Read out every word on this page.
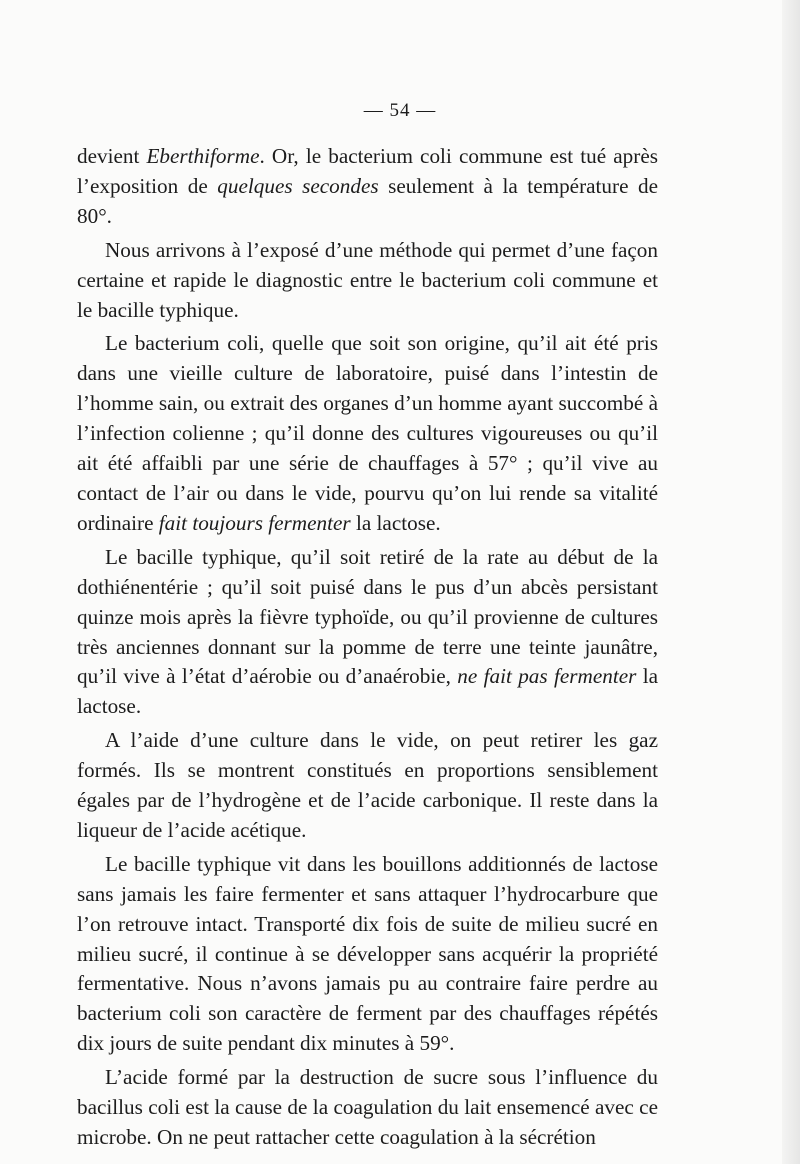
— 54 —

devient Eberthiforme. Or, le bacterium coli commune est tué après l’exposition de quelques secondes seulement à la température de 80°.

Nous arrivons à l’exposé d’une méthode qui permet d’une façon certaine et rapide le diagnostic entre le bacterium coli commune et le bacille typhique.

Le bacterium coli, quelle que soit son origine, qu’il ait été pris dans une vieille culture de laboratoire, puisé dans l’intestin de l’homme sain, ou extrait des organes d’un homme ayant succombé à l’infection colienne ; qu’il donne des cultures vigoureuses ou qu’il ait été affaibli par une série de chauffages à 57° ; qu’il vive au contact de l’air ou dans le vide, pourvu qu’on lui rende sa vitalité ordinaire fait toujours fermenter la lactose.

Le bacille typhique, qu’il soit retiré de la rate au début de la dothiénentérie ; qu’il soit puisé dans le pus d’un abcès persistant quinze mois après la fièvre typhoïde, ou qu’il provienne de cultures très anciennes donnant sur la pomme de terre une teinte jaunâtre, qu’il vive à l’état d’aérobie ou d’anaérobie, ne fait pas fermenter la lactose.

A l’aide d’une culture dans le vide, on peut retirer les gaz formés. Ils se montrent constitués en proportions sensiblement égales par de l’hydrogène et de l’acide carbonique. Il reste dans la liqueur de l’acide acétique.

Le bacille typhique vit dans les bouillons additionnés de lactose sans jamais les faire fermenter et sans attaquer l’hydrocarbure que l’on retrouve intact. Transporté dix fois de suite de milieu sucré en milieu sucré, il continue à se développer sans acquérir la propriété fermentative. Nous n’avons jamais pu au contraire faire perdre au bacterium coli son caractère de ferment par des chauffages répétés dix jours de suite pendant dix minutes à 59°.

L’acide formé par la destruction de sucre sous l’influence du bacillus coli est la cause de la coagulation du lait ensemencé avec ce microbe. On ne peut rattacher cette coagulation à la sécrétion
